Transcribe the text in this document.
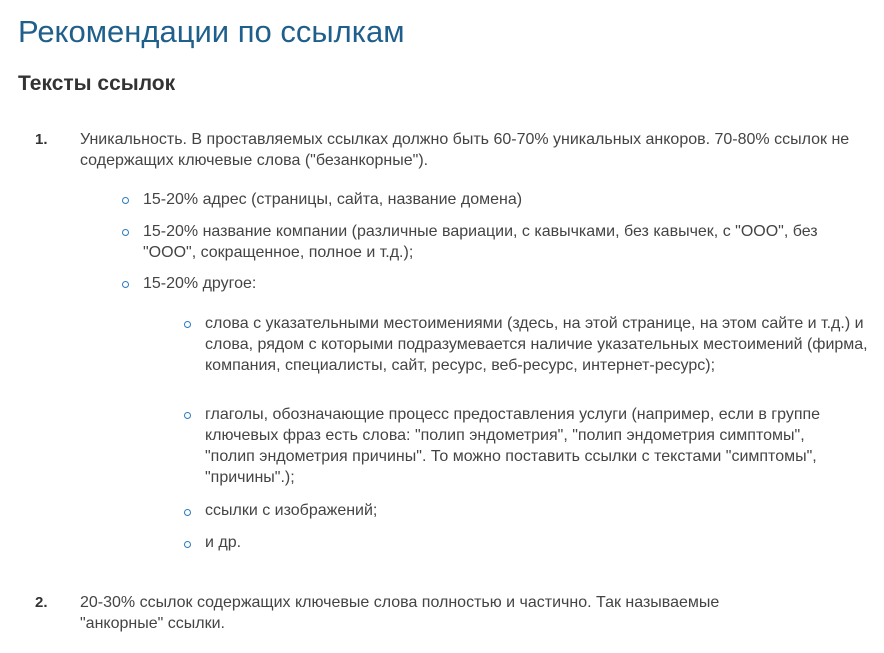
Рекомендации по ссылкам
Тексты ссылок
1. Уникальность. В проставляемых ссылках должно быть 60-70% уникальных анкоров. 70-80% ссылок не содержащих ключевые слова ("безанкорные").

15-20% адрес (страницы, сайта, название домена)

15-20% название компании (различные вариации, с кавычками, без кавычек, с "ООО", без "ООО", сокращенное, полное и т.д.);

15-20% другое:

слова с указательными местоимениями (здесь, на этой странице, на этом сайте и т.д.) и слова, рядом с которыми подразумевается наличие указательных местоимений (фирма, компания, специалисты, сайт, ресурс, веб-ресурс, интернет-ресурс);

глаголы, обозначающие процесс предоставления услуги (например, если в группе ключевых фраз есть слова: "полип эндометрия", "полип эндометрия симптомы", "полип эндометрия причины". То можно поставить ссылки с текстами "симптомы", "причины".);

ссылки с изображений;

и др.

2. 20-30% ссылок содержащих ключевые слова полностью и частично. Так называемые "анкорные" ссылки.
